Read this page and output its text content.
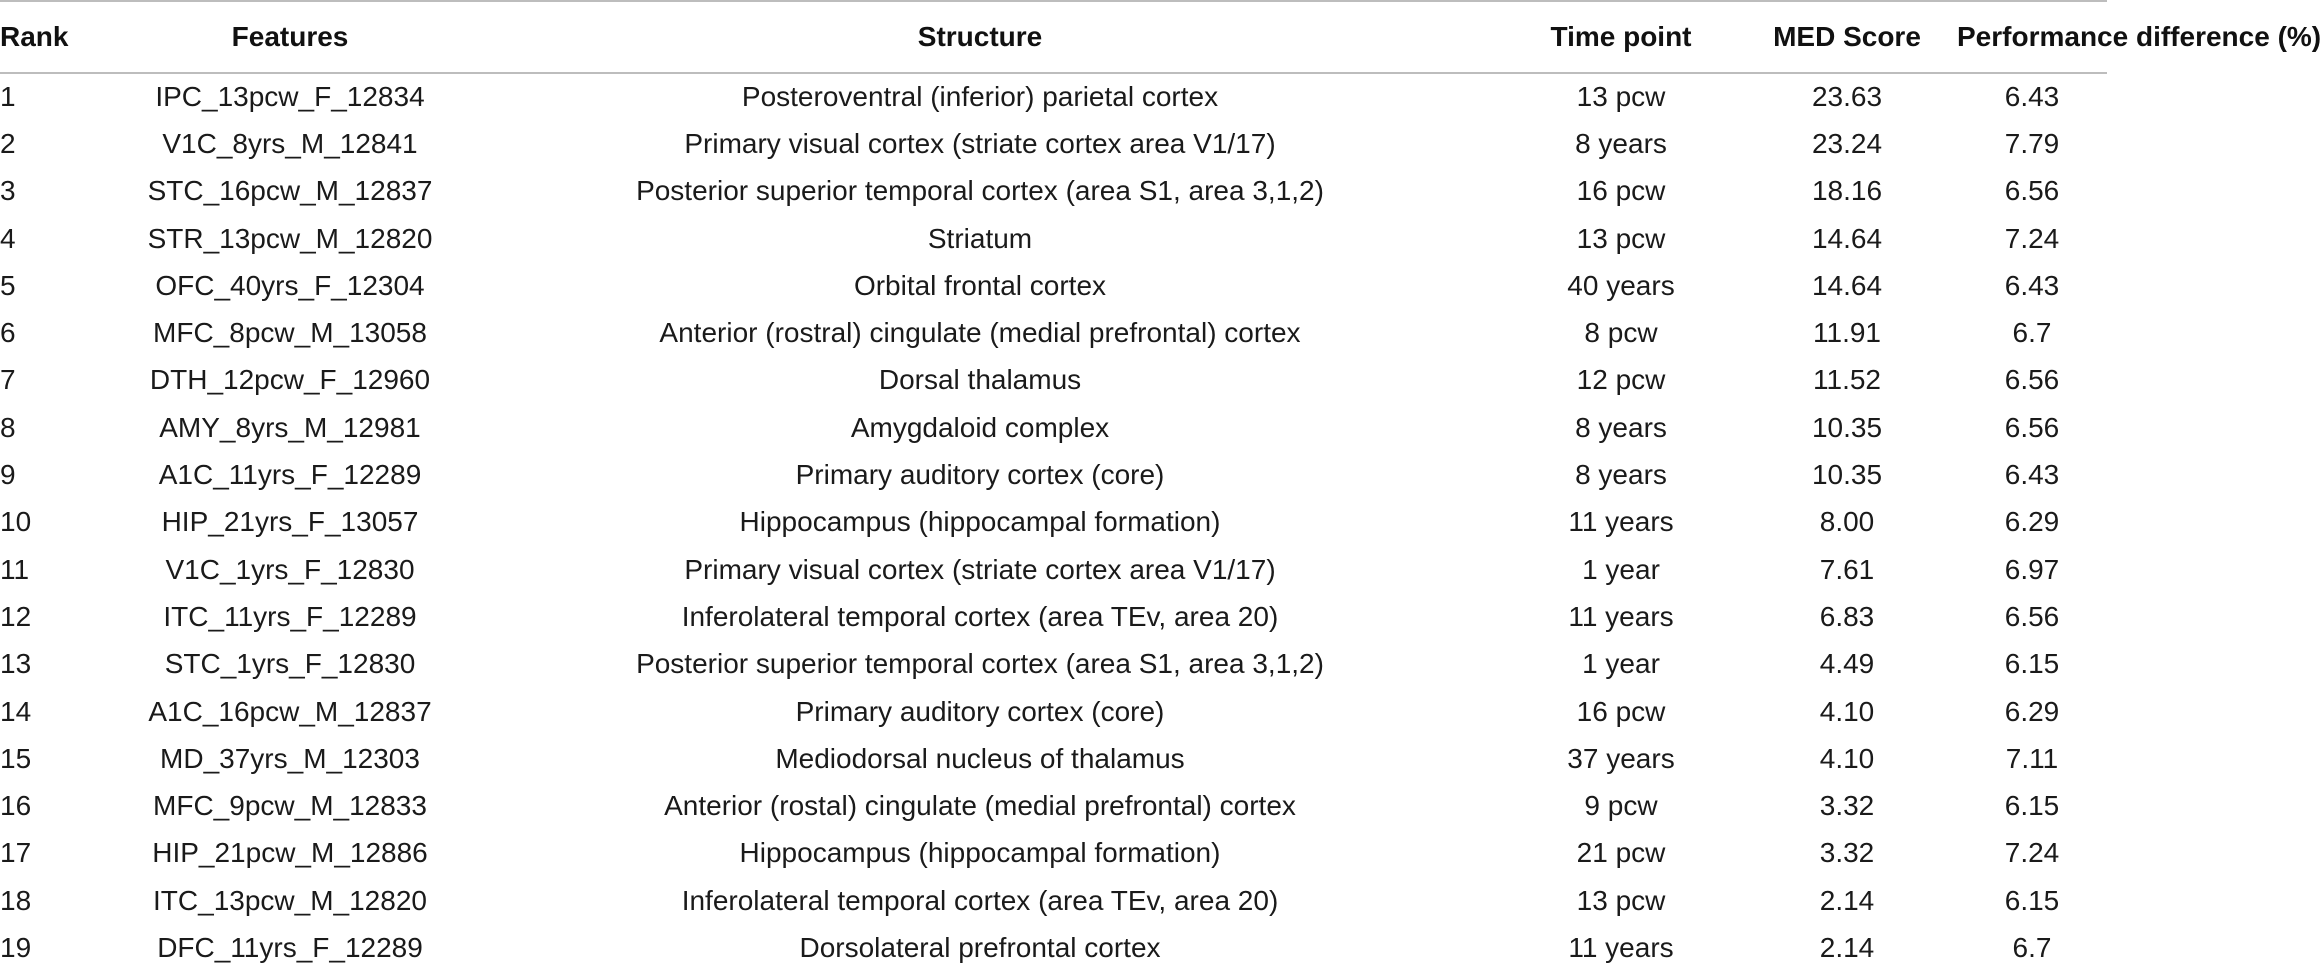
Rank	Features	Structure	Time point	MED Score	Performance difference (%)
1	IPC_13pcw_F_12834	Posteroventral (inferior) parietal cortex	13 pcw	23.63	6.43
2	V1C_8yrs_M_12841	Primary visual cortex (striate cortex area V1/17)	8 years	23.24	7.79
3	STC_16pcw_M_12837	Posterior superior temporal cortex (area S1, area 3,1,2)	16 pcw	18.16	6.56
4	STR_13pcw_M_12820	Striatum	13 pcw	14.64	7.24
5	OFC_40yrs_F_12304	Orbital frontal cortex	40 years	14.64	6.43
6	MFC_8pcw_M_13058	Anterior (rostral) cingulate (medial prefrontal) cortex	8 pcw	11.91	6.7
7	DTH_12pcw_F_12960	Dorsal thalamus	12 pcw	11.52	6.56
8	AMY_8yrs_M_12981	Amygdaloid complex	8 years	10.35	6.56
9	A1C_11yrs_F_12289	Primary auditory cortex (core)	8 years	10.35	6.43
10	HIP_21yrs_F_13057	Hippocampus (hippocampal formation)	11 years	8.00	6.29
11	V1C_1yrs_F_12830	Primary visual cortex (striate cortex area V1/17)	1 year	7.61	6.97
12	ITC_11yrs_F_12289	Inferolateral temporal cortex (area TEv, area 20)	11 years	6.83	6.56
13	STC_1yrs_F_12830	Posterior superior temporal cortex (area S1, area 3,1,2)	1 year	4.49	6.15
14	A1C_16pcw_M_12837	Primary auditory cortex (core)	16 pcw	4.10	6.29
15	MD_37yrs_M_12303	Mediodorsal nucleus of thalamus	37 years	4.10	7.11
16	MFC_9pcw_M_12833	Anterior (rostal) cingulate (medial prefrontal) cortex	9 pcw	3.32	6.15
17	HIP_21pcw_M_12886	Hippocampus (hippocampal formation)	21 pcw	3.32	7.24
18	ITC_13pcw_M_12820	Inferolateral temporal cortex (area TEv, area 20)	13 pcw	2.14	6.15
19	DFC_11yrs_F_12289	Dorsolateral prefrontal cortex	11 years	2.14	6.7
